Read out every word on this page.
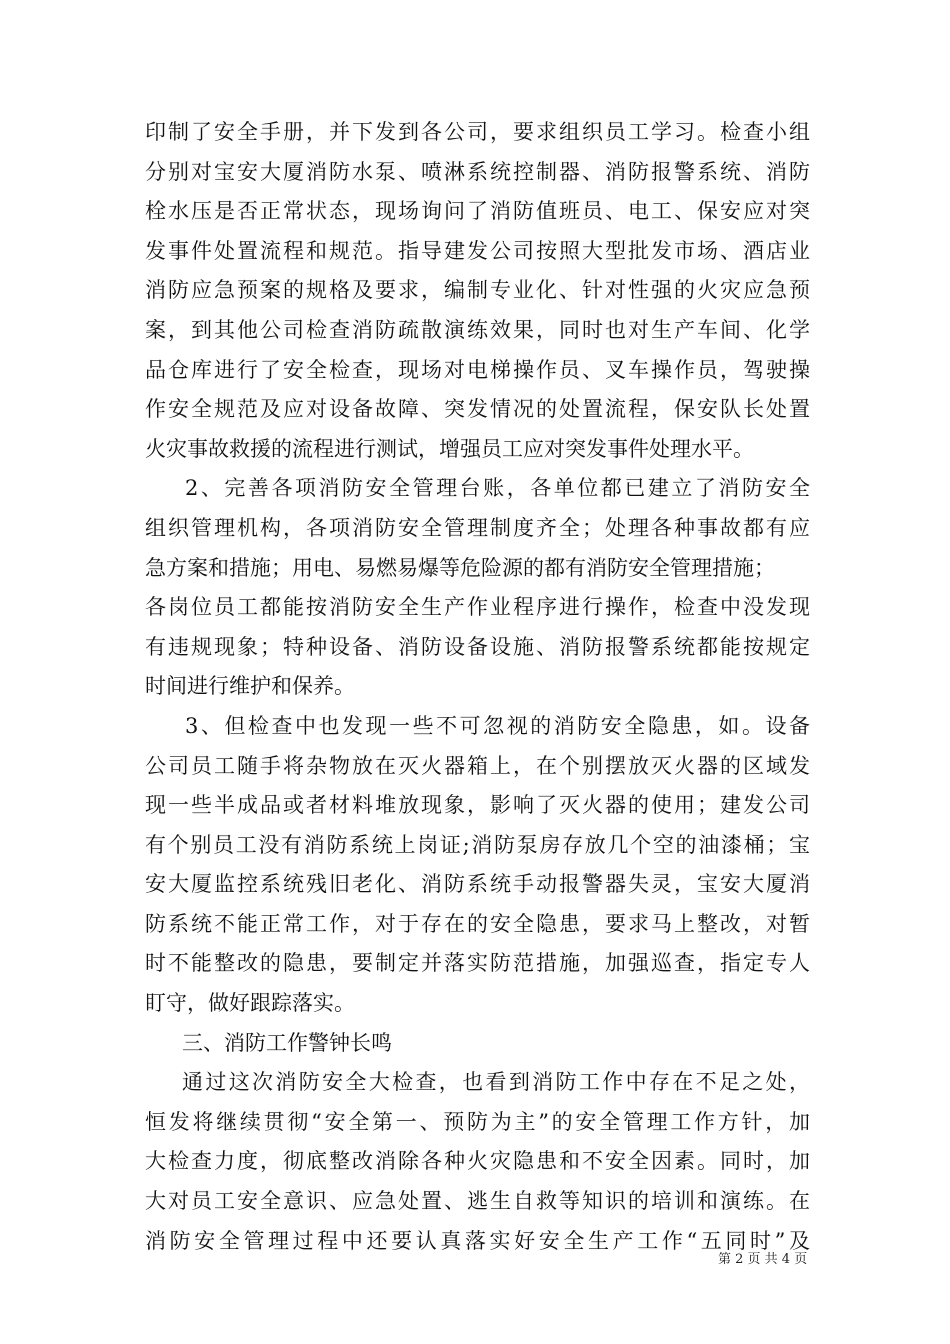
印制了安全手册，并下发到各公司，要求组织员工学习。检查小组
分别对宝安大厦消防水泵、喷淋系统控制器、消防报警系统、消防
栓水压是否正常状态，现场询问了消防值班员、电工、保安应对突
发事件处置流程和规范。指导建发公司按照大型批发市场、酒店业
消防应急预案的规格及要求，编制专业化、针对性强的火灾应急预
案，到其他公司检查消防疏散演练效果，同时也对生产车间、化学
品仓库进行了安全检查，现场对电梯操作员、叉车操作员，驾驶操
作安全规范及应对设备故障、突发情况的处置流程，保安队长处置
火灾事故救援的流程进行测试，增强员工应对突发事件处理水平。
2、完善各项消防安全管理台账，各单位都已建立了消防安全
组织管理机构，各项消防安全管理制度齐全；处理各种事故都有应
急方案和措施；用电、易燃易爆等危险源的都有消防安全管理措施；
各岗位员工都能按消防安全生产作业程序进行操作，检查中没发现
有违规现象；特种设备、消防设备设施、消防报警系统都能按规定
时间进行维护和保养。
3、但检查中也发现一些不可忽视的消防安全隐患，如。设备
公司员工随手将杂物放在灭火器箱上，在个别摆放灭火器的区域发
现一些半成品或者材料堆放现象，影响了灭火器的使用；建发公司
有个别员工没有消防系统上岗证;消防泵房存放几个空的油漆桶；宝
安大厦监控系统残旧老化、消防系统手动报警器失灵，宝安大厦消
防系统不能正常工作，对于存在的安全隐患，要求马上整改，对暂
时不能整改的隐患，要制定并落实防范措施，加强巡查，指定专人
盯守，做好跟踪落实。
三、消防工作警钟长鸣
通过这次消防安全大检查，也看到消防工作中存在不足之处，
恒发将继续贯彻“安全第一、预防为主”的安全管理工作方针，加
大检查力度，彻底整改消除各种火灾隐患和不安全因素。同时，加
大对员工安全意识、应急处置、逃生自救等知识的培训和演练。在
消防安全管理过程中还要认真落实好安全生产工作“五同时”及
第 2 页 共 4 页
